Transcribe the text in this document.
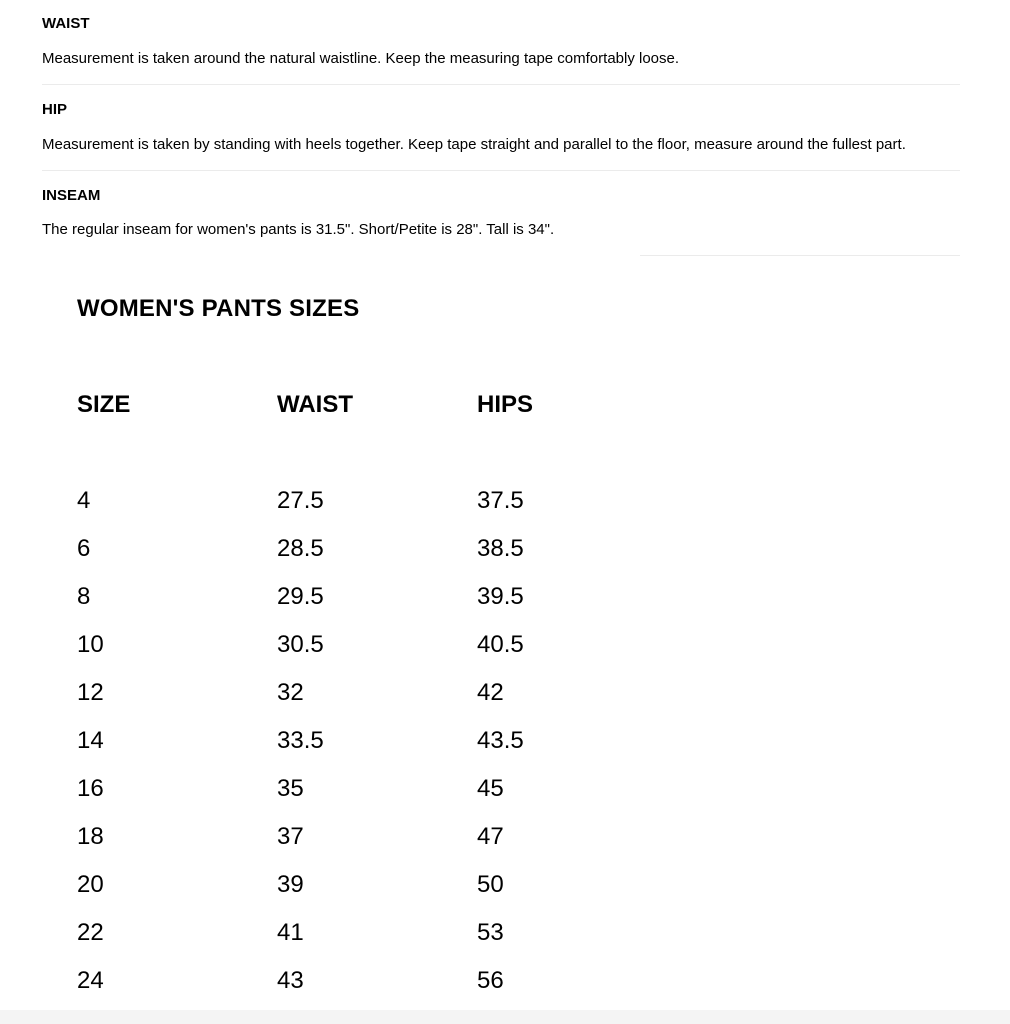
WAIST
Measurement is taken around the natural waistline. Keep the measuring tape comfortably loose.
HIP
Measurement is taken by standing with heels together. Keep tape straight and parallel to the floor, measure around the fullest part.
INSEAM
The regular inseam for women's pants is 31.5". Short/Petite is 28". Tall is 34".
WOMEN'S PANTS SIZES
SIZE	WAIST	HIPS
4	27.5	37.5
6	28.5	38.5
8	29.5	39.5
10	30.5	40.5
12	32	42
14	33.5	43.5
16	35	45
18	37	47
20	39	50
22	41	53
24	43	56
